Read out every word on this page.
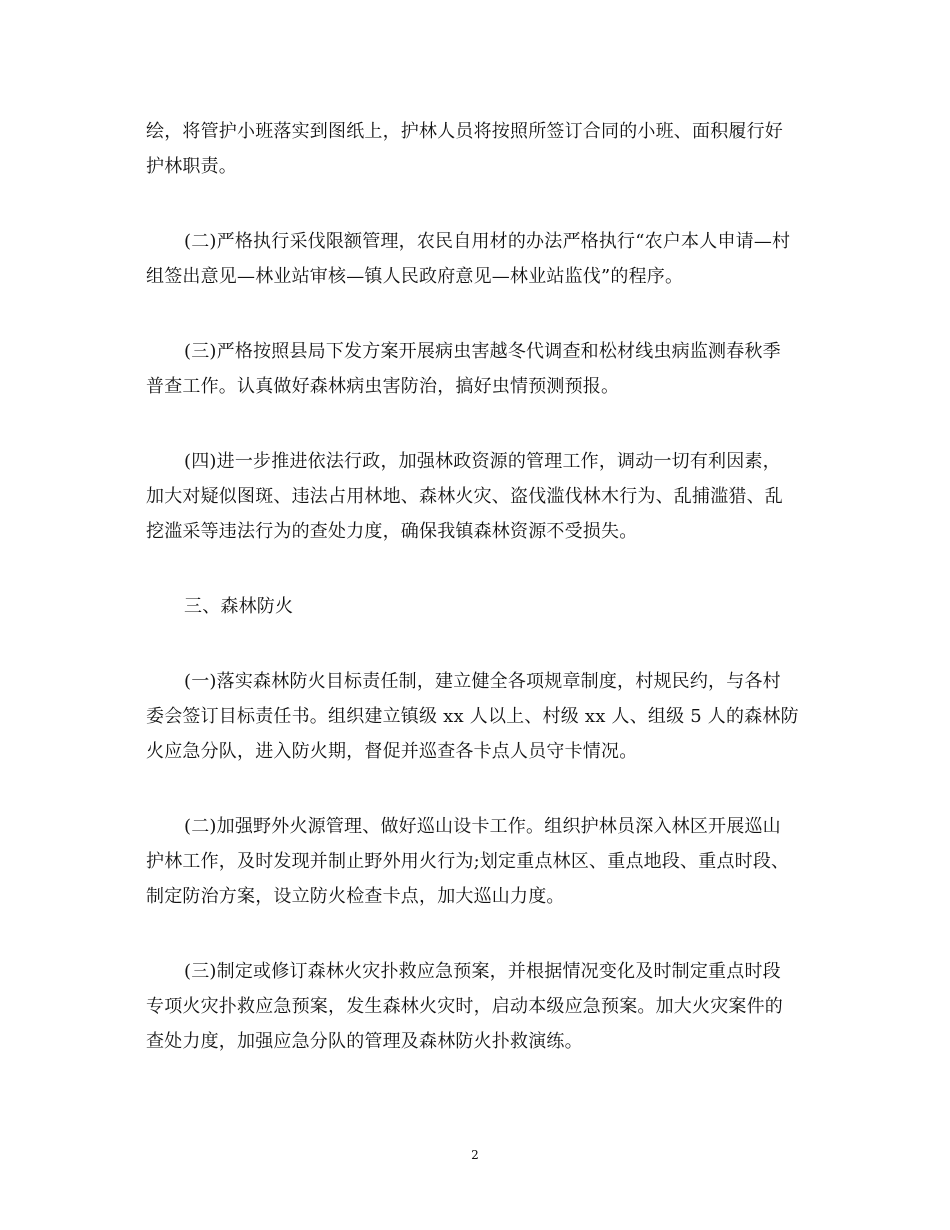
绘，将管护小班落实到图纸上，护林人员将按照所签订合同的小班、面积履行好
护林职责。

(二)严格执行采伐限额管理，农民自用材的办法严格执行“农户本人申请—村
组签出意见—林业站审核—镇人民政府意见—林业站监伐”的程序。

(三)严格按照县局下发方案开展病虫害越冬代调查和松材线虫病监测春秋季
普查工作。认真做好森林病虫害防治，搞好虫情预测预报。

(四)进一步推进依法行政，加强林政资源的管理工作，调动一切有利因素，
加大对疑似图斑、违法占用林地、森林火灾、盗伐滥伐林木行为、乱捕滥猎、乱
挖滥采等违法行为的查处力度，确保我镇森林资源不受损失。

三、森林防火

(一)落实森林防火目标责任制，建立健全各项规章制度，村规民约，与各村
委会签订目标责任书。组织建立镇级 xx 人以上、村级 xx 人、组级 5 人的森林防
火应急分队，进入防火期，督促并巡查各卡点人员守卡情况。

(二)加强野外火源管理、做好巡山设卡工作。组织护林员深入林区开展巡山
护林工作，及时发现并制止野外用火行为;划定重点林区、重点地段、重点时段、
制定防治方案，设立防火检查卡点，加大巡山力度。

(三)制定或修订森林火灾扑救应急预案，并根据情况变化及时制定重点时段
专项火灾扑救应急预案，发生森林火灾时，启动本级应急预案。加大火灾案件的
查处力度，加强应急分队的管理及森林防火扑救演练。

2
